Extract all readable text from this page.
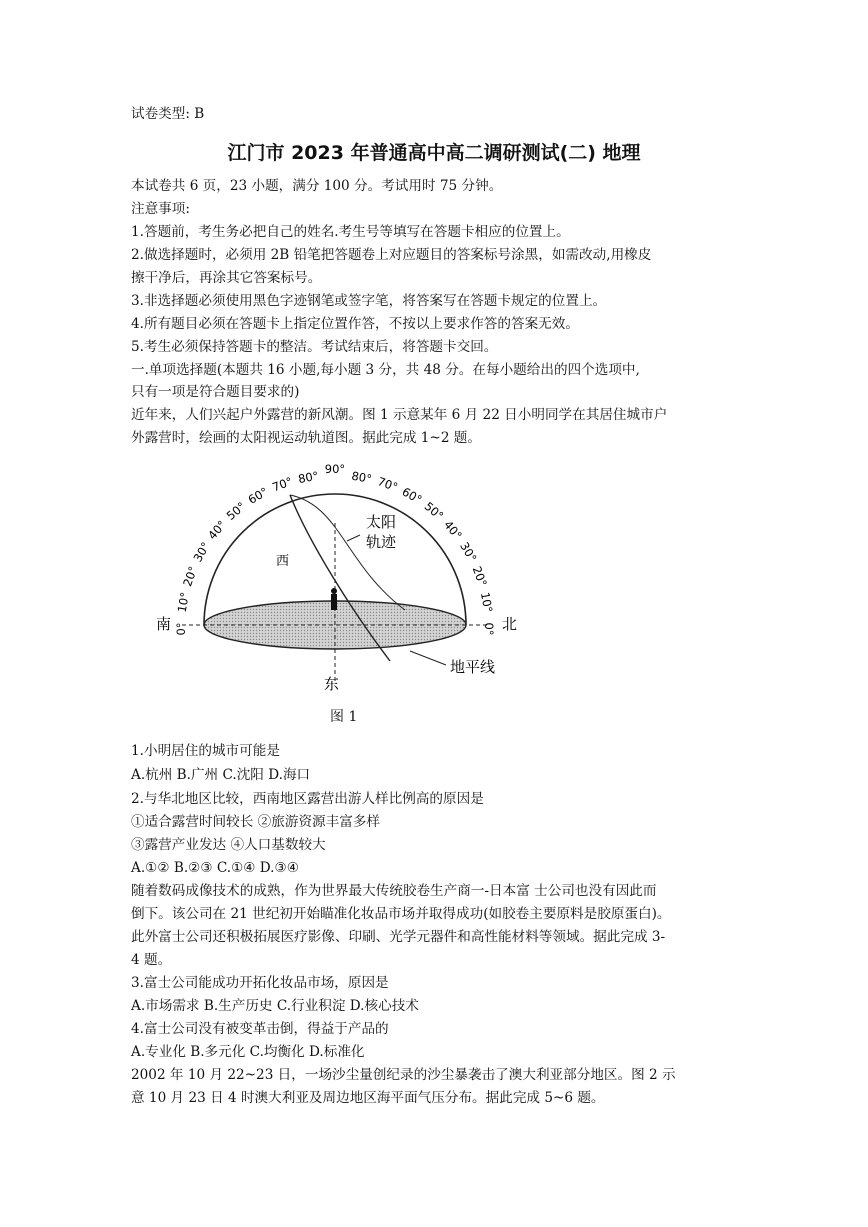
试卷类型: B
江门市 2023 年普通高中高二调研测试(二) 地理
本试卷共 6 页，23 小题，满分 100 分。考试用时 75 分钟。
注意事项:
1.答题前，考生务必把自己的姓名.考生号等填写在答题卡相应的位置上。
2.做选择题时，必须用 2B 铅笔把答题卷上对应题目的答案标号涂黑，如需改动,用橡皮
擦干净后，再涂其它答案标号。
3.非选择题必须使用黑色字迹钢笔或签字笔，将答案写在答题卡规定的位置上。
4.所有题目必须在答题卡上指定位置作答，不按以上要求作答的答案无效。
5.考生必须保持答题卡的整洁。考试结束后，将答题卡交回。
一.单项选择题(本题共 16 小题,每小题 3 分，共 48 分。在每小题给出的四个选项中,
只有一项是符合题目要求的)
近年来，人们兴起户外露营的新风潮。图 1 示意某年 6 月 22 日小明同学在其居住城市户
外露营时，绘画的太阳视运动轨道图。据此完成 1~2 题。
太阳
轨迹
西
南	北
东
地平线
0°
10°
20°
30°
40°
50°
60°
70° 80° 90°
0°
10°
20°
30°
40°
50°
60°
70°
80°
图 1
1.小明居住的城市可能是
A.杭州 B.广州 C.沈阳 D.海口
2.与华北地区比较，西南地区露营出游人样比例高的原因是
①适合露营时间较长 ②旅游资源丰富多样
③露营产业发达 ④人口基数较大
A.①② B.②③ C.①④ D.③④
随着数码成像技术的成熟，作为世界最大传统胶卷生产商一-日本富 士公司也没有因此而
倒下。该公司在 21 世纪初开始瞄准化妆品市场并取得成功(如胶卷主要原料是胶原蛋白)。
此外富士公司还积极拓展医疗影像、印刷、光学元器件和高性能材料等领域。据此完成 3-
4 题。
3.富士公司能成功开拓化妆品市场，原因是
A.市场需求 B.生产历史 C.行业积淀 D.核心技术
4.富士公司没有被变革击倒，得益于产品的
A.专业化 B.多元化 C.均衡化 D.标准化
2002 年 10 月 22~23 日，一场沙尘量创纪录的沙尘暴袭击了澳大利亚部分地区。图 2 示
意 10 月 23 日 4 时澳大利亚及周边地区海平面气压分布。据此完成 5~6 题。
